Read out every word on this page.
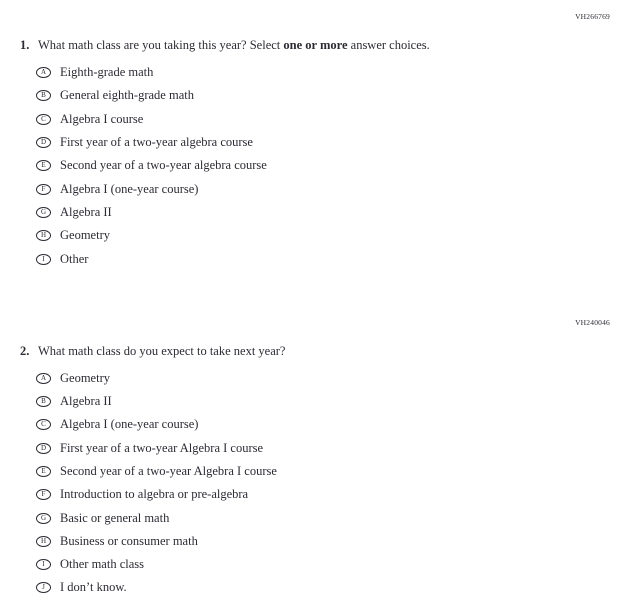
VH266769
1. What math class are you taking this year? Select one or more answer choices.
A	Eighth-grade math
B	General eighth-grade math
C	Algebra I course
D	First year of a two-year algebra course
E	Second year of a two-year algebra course
F	Algebra I (one-year course)
G	Algebra II
H	Geometry
I	Other
VH240046
2. What math class do you expect to take next year?
A	Geometry
B	Algebra II
C	Algebra I (one-year course)
D	First year of a two-year Algebra I course
E	Second year of a two-year Algebra I course
F	Introduction to algebra or pre-algebra
G	Basic or general math
H	Business or consumer math
I	Other math class
J	I don’t know.
